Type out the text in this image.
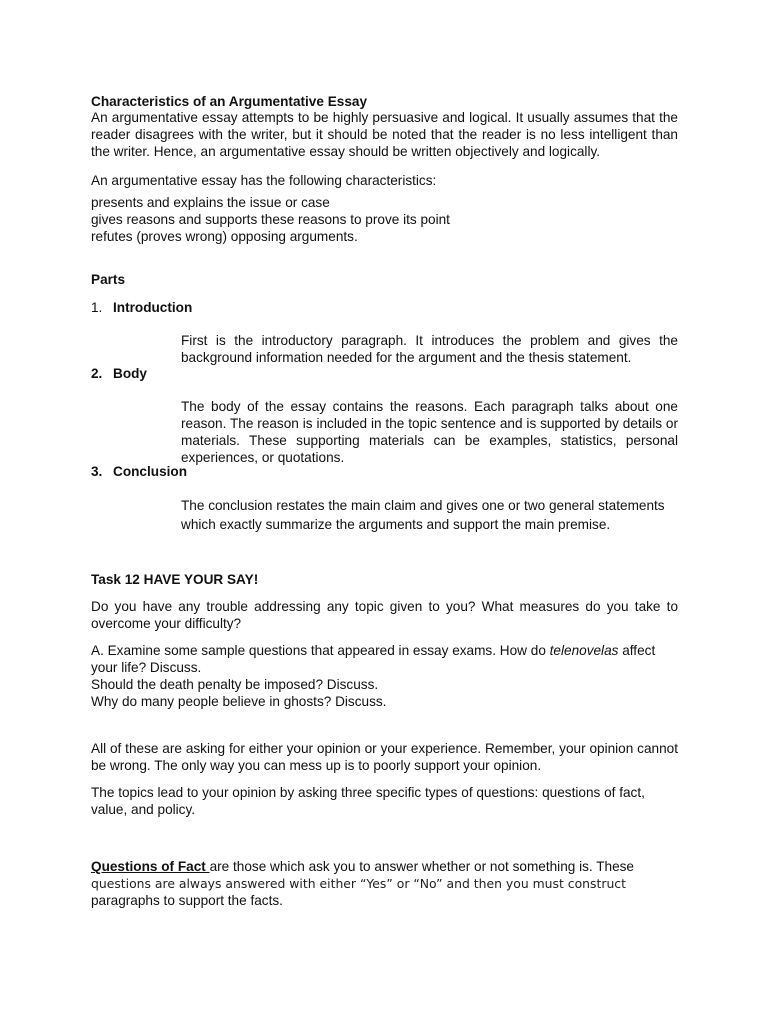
Characteristics of an Argumentative Essay

An argumentative essay attempts to be highly persuasive and logical. It usually assumes that the reader disagrees with the writer, but it should be noted that the reader is no less intelligent than the writer. Hence, an argumentative essay should be written objectively and logically.

An argumentative essay has the following characteristics:

presents and explains the issue or case
gives reasons and supports these reasons to prove its point
refutes (proves wrong) opposing arguments.

Parts

1. Introduction

First is the introductory paragraph. It introduces the problem and gives the background information needed for the argument and the thesis statement.

2. Body

The body of the essay contains the reasons. Each paragraph talks about one reason. The reason is included in the topic sentence and is supported by details or materials. These supporting materials can be examples, statistics, personal experiences, or quotations.

3. Conclusion

The conclusion restates the main claim and gives one or two general statements
which exactly summarize the arguments and support the main premise.

Task 12 HAVE YOUR SAY!

Do you have any trouble addressing any topic given to you? What measures do you take to overcome your difficulty?

A. Examine some sample questions that appeared in essay exams. How do telenovelas affect your life? Discuss.
Should the death penalty be imposed? Discuss.
Why do many people believe in ghosts? Discuss.

All of these are asking for either your opinion or your experience. Remember, your opinion cannot be wrong. The only way you can mess up is to poorly support your opinion.

The topics lead to your opinion by asking three specific types of questions: questions of fact, value, and policy.

Questions of Fact are those which ask you to answer whether or not something is. These
questions are always answered with either “Yes” or “No” and then you must construct
paragraphs to support the facts.
